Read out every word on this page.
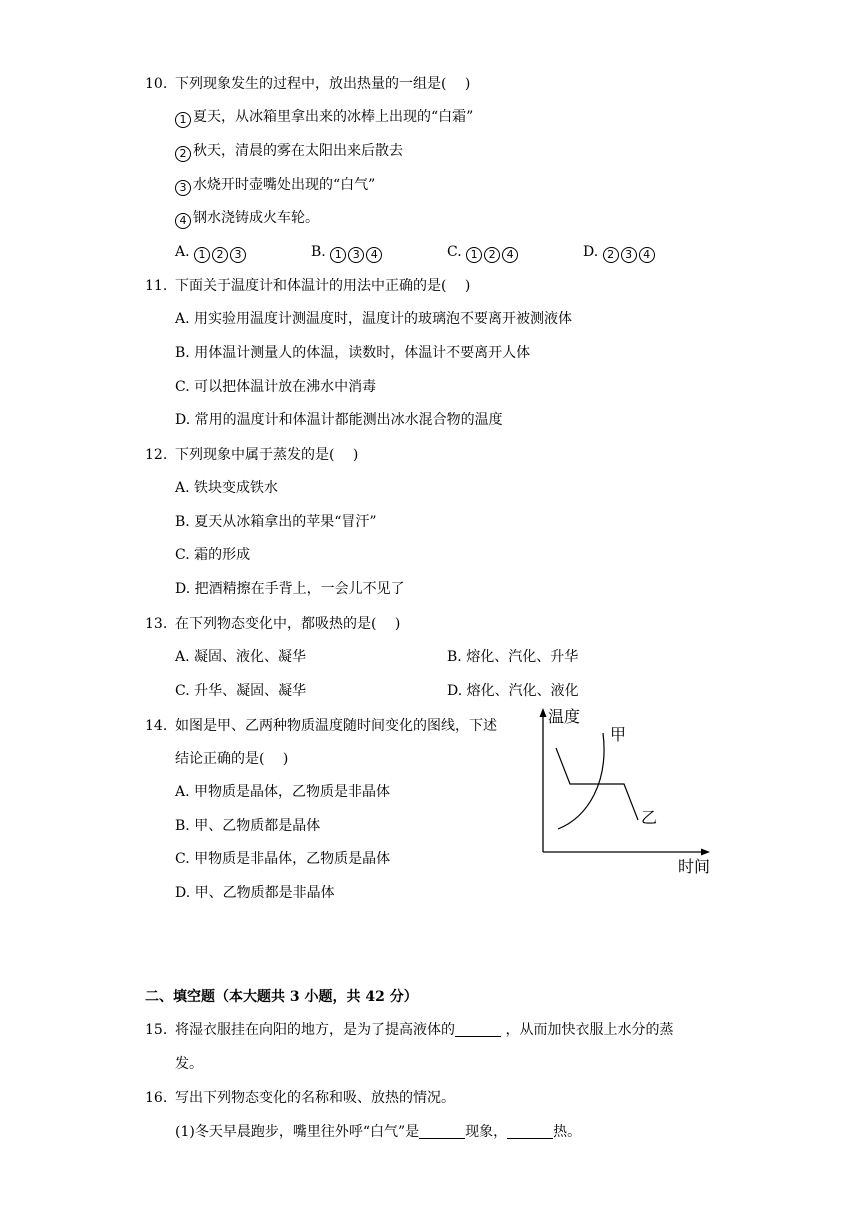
10. 下列现象发生的过程中，放出热量的一组是(　 )
1 夏天，从冰箱里拿出来的冰棒上出现的“白霜”
2 秋天，清晨的雾在太阳出来后散去
3 水烧开时壶嘴处出现的“白气”
4 钢水浇铸成火车轮。
A. 1 2 3	B. 1 3 4	C. 1 2 4	D. 2 3 4
11. 下面关于温度计和体温计的用法中正确的是(　 )
A. 用实验用温度计测温度时，温度计的玻璃泡不要离开被测液体
B. 用体温计测量人的体温，读数时，体温计不要离开人体
C. 可以把体温计放在沸水中消毒
D. 常用的温度计和体温计都能测出冰水混合物的温度
12. 下列现象中属于蒸发的是(　 )
A. 铁块变成铁水
B. 夏天从冰箱拿出的苹果“冒汗”
C. 霜的形成
D. 把酒精擦在手背上，一会儿不见了
13. 在下列物态变化中，都吸热的是(　 )
A. 凝固、液化、凝华	B. 熔化、汽化、升华
C. 升华、凝固、凝华	D. 熔化、汽化、液化
14. 如图是甲、乙两种物质温度随时间变化的图线，下述
结论正确的是(　 )
A. 甲物质是晶体，乙物质是非晶体
B. 甲、乙物质都是晶体
C. 甲物质是非晶体，乙物质是晶体
D. 甲、乙物质都是非晶体
温度
时间
甲
乙
二、填空题（本大题共 3 小题，共 42 分）
15. 将湿衣服挂在向阳的地方，是为了提高液体的	，从而加快衣服上水分的蒸
发。
16. 写出下列物态变化的名称和吸、放热的情况。
(1)冬天早晨跑步，嘴里往外呼“白气”是	现象，	热。
